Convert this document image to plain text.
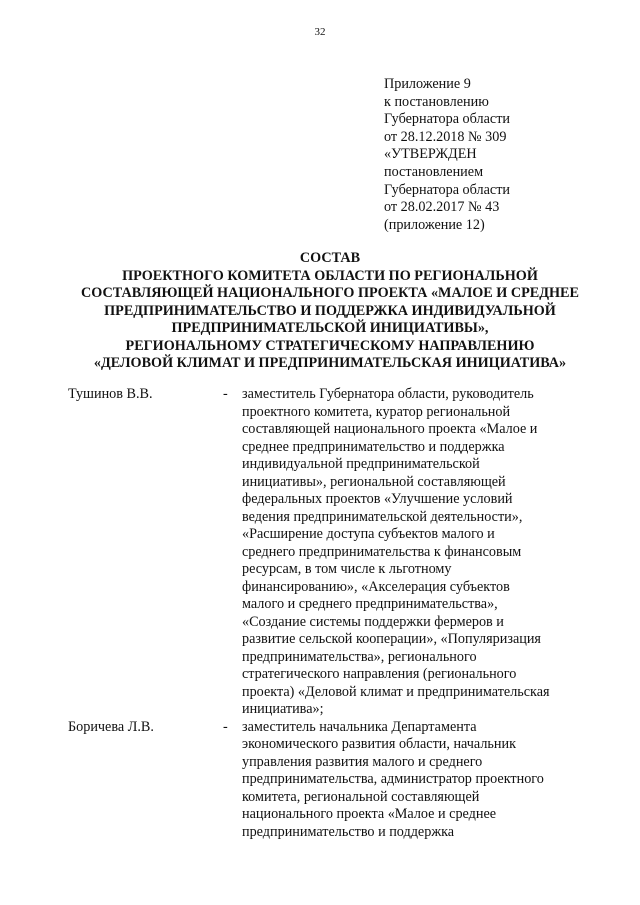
32
Приложение 9
к постановлению
Губернатора области
от 28.12.2018 № 309
«УТВЕРЖДЕН
постановлением
Губернатора области
от 28.02.2017 № 43
(приложение 12)
СОСТАВ
ПРОЕКТНОГО КОМИТЕТА ОБЛАСТИ ПО РЕГИОНАЛЬНОЙ
СОСТАВЛЯЮЩЕЙ НАЦИОНАЛЬНОГО ПРОЕКТА «МАЛОЕ И СРЕДНЕЕ
ПРЕДПРИНИМАТЕЛЬСТВО И ПОДДЕРЖКА ИНДИВИДУАЛЬНОЙ
ПРЕДПРИНИМАТЕЛЬСКОЙ ИНИЦИАТИВЫ»,
РЕГИОНАЛЬНОМУ СТРАТЕГИЧЕСКОМУ НАПРАВЛЕНИЮ
«ДЕЛОВОЙ КЛИМАТ И ПРЕДПРИНИМАТЕЛЬСКАЯ ИНИЦИАТИВА»
Тушинов В.В.	-	заместитель Губернатора области, руководитель
проектного комитета, куратор региональной
составляющей национального проекта «Малое и
среднее предпринимательство и поддержка
индивидуальной предпринимательской
инициативы», региональной составляющей
федеральных проектов «Улучшение условий
ведения предпринимательской деятельности»,
«Расширение доступа субъектов малого и
среднего предпринимательства к финансовым
ресурсам, в том числе к льготному
финансированию», «Акселерация субъектов
малого и среднего предпринимательства»,
«Создание системы поддержки фермеров и
развитие сельской кооперации», «Популяризация
предпринимательства», регионального
стратегического направления (регионального
проекта) «Деловой климат и предпринимательская
инициатива»;
Боричева Л.В.	-	заместитель начальника Департамента
экономического развития области, начальник
управления развития малого и среднего
предпринимательства, администратор проектного
комитета, региональной составляющей
национального проекта «Малое и среднее
предпринимательство и поддержка
